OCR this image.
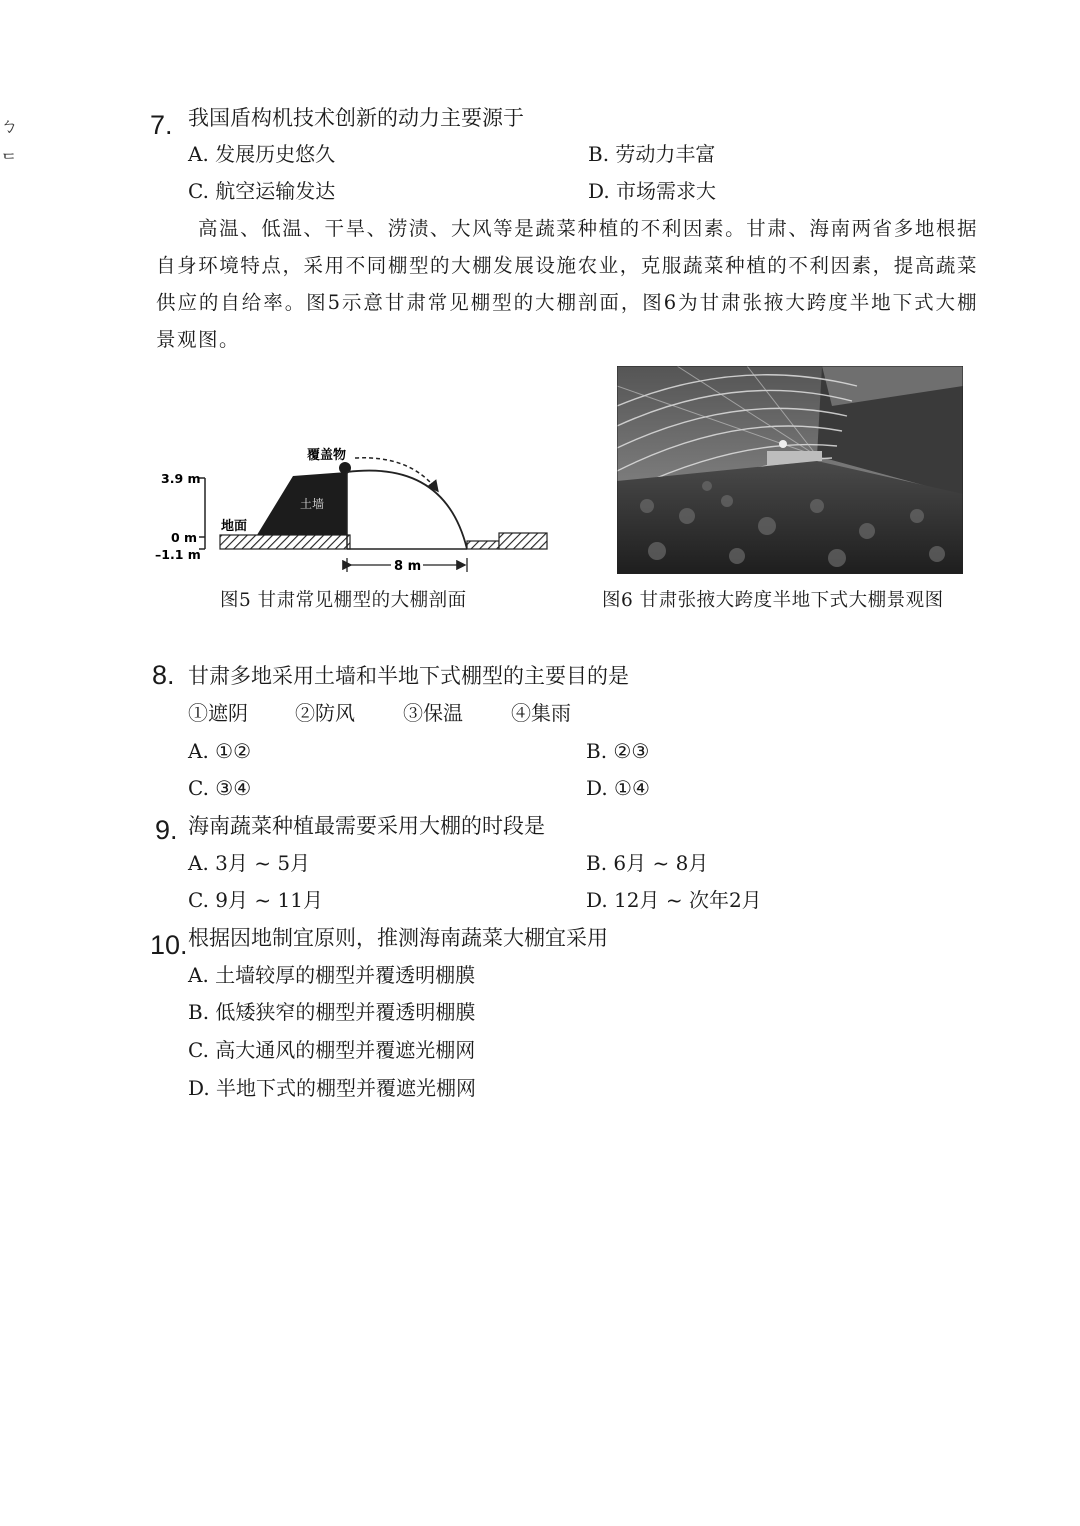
ㄅ
ᄃ
7. 我国盾构机技术创新的动力主要源于
A. 发展历史悠久	B. 劳动力丰富
C. 航空运输发达	D. 市场需求大
高温、低温、干旱、涝渍、大风等是蔬菜种植的不利因素。甘肃、海南两省多地根据自身环境特点，采用不同棚型的大棚发展设施农业，克服蔬菜种植的不利因素，提高蔬菜供应的自给率。图5示意甘肃常见棚型的大棚剖面，图6为甘肃张掖大跨度半地下式大棚景观图。
3.9 m
0 m
–1.1 m
土墙
覆盖物
地面
8 m
图5 甘肃常见棚型的大棚剖面	图6 甘肃张掖大跨度半地下式大棚景观图
8. 甘肃多地采用土墙和半地下式棚型的主要目的是
①遮阴 ②防风 ③保温 ④集雨
A. ①②	B. ②③
C. ③④	D. ①④
9. 海南蔬菜种植最需要采用大棚的时段是
A. 3月 ~ 5月	B. 6月 ~ 8月
C. 9月 ~ 11月	D. 12月 ~ 次年2月
10. 根据因地制宜原则，推测海南蔬菜大棚宜采用
A. 土墙较厚的棚型并覆透明棚膜
B. 低矮狭窄的棚型并覆透明棚膜
C. 高大通风的棚型并覆遮光棚网
D. 半地下式的棚型并覆遮光棚网
